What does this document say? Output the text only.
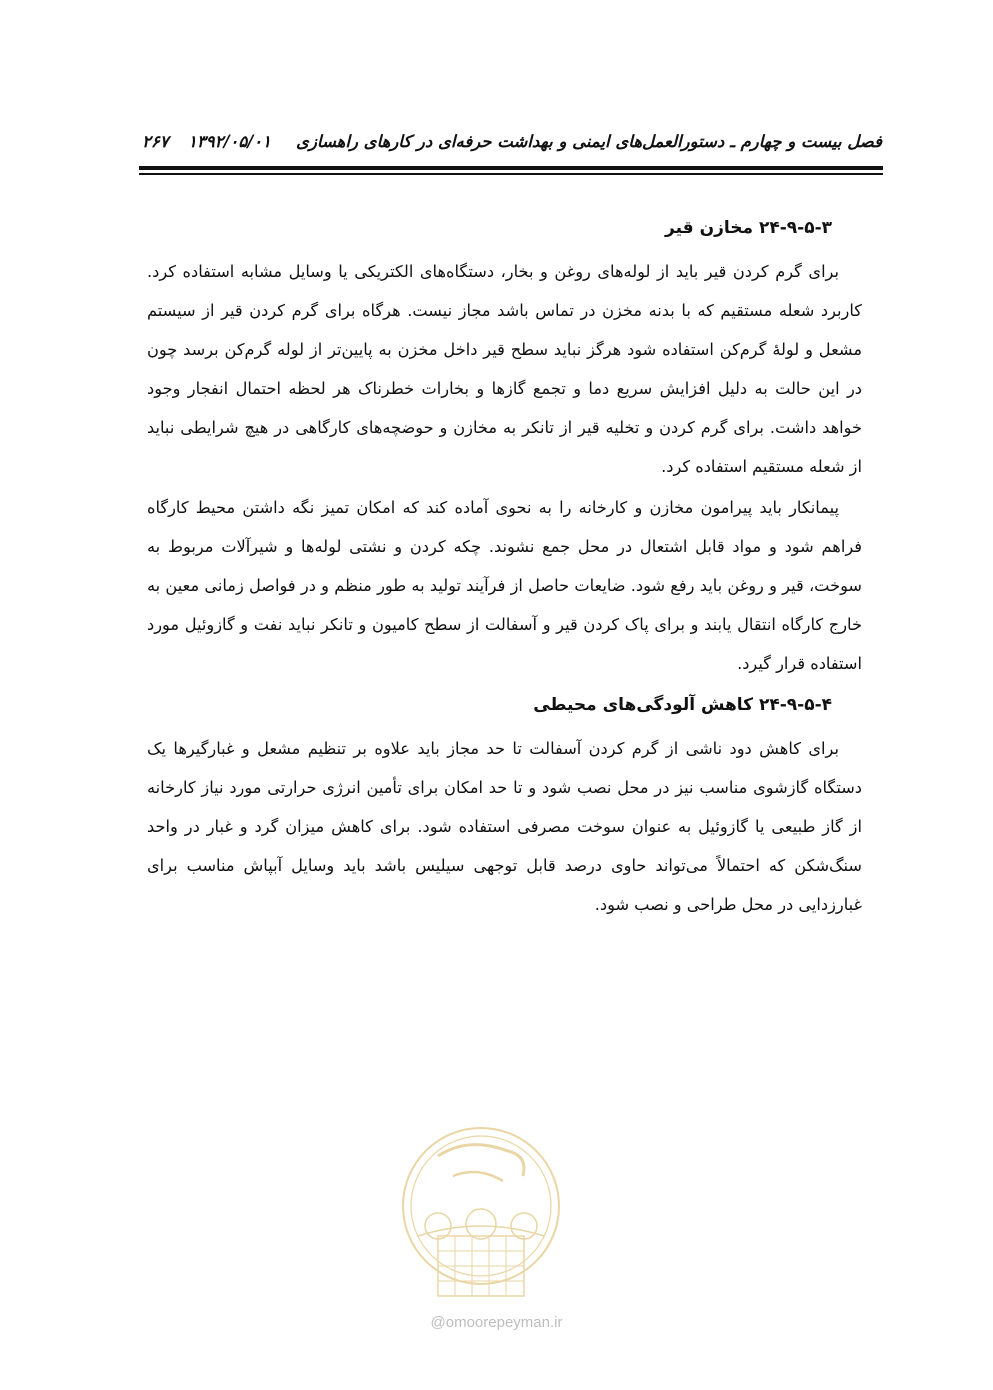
فصل بیست و چهارم ـ دستورالعمل‌های ایمنی و بهداشت حرفه‌ای در کارهای راهسازی
۱۳۹۲/۰۵/۰۱
۲۶۷
۲۴-۹-۵-۳ مخازن قیر

برای گرم کردن قیر باید از لوله‌های روغن و بخار، دستگاه‌های الکتریکی یا وسایل مشابه استفاده کرد. کاربرد شعله مستقیم که با بدنه مخزن در تماس باشد مجاز نیست. هرگاه برای گرم کردن قیر از سیستم مشعل و لولهٔ گرم‌کن استفاده شود هرگز نباید سطح قیر داخل مخزن به پایین‌تر از لوله گرم‌کن برسد چون در این حالت به دلیل افزایش سریع دما و تجمع گازها و بخارات خطرناک هر لحظه احتمال انفجار وجود خواهد داشت. برای گرم کردن و تخلیه قیر از تانکر به مخازن و حوضچه‌های کارگاهی در هیچ شرایطی نباید از شعله مستقیم استفاده کرد.

پیمانکار باید پیرامون مخازن و کارخانه را به نحوی آماده کند که امکان تمیز نگه داشتن محیط کارگاه فراهم شود و مواد قابل اشتعال در محل جمع نشوند. چکه کردن و نشتی لوله‌ها و شیرآلات مربوط به سوخت، قیر و روغن باید رفع شود. ضایعات حاصل از فرآیند تولید به طور منظم و در فواصل زمانی معین به خارج کارگاه انتقال یابند و برای پاک کردن قیر و آسفالت از سطح کامیون و تانکر نباید نفت و گازوئیل مورد استفاده قرار گیرد.

۲۴-۹-۵-۴ کاهش آلودگی‌های محیطی

برای کاهش دود ناشی از گرم کردن آسفالت تا حد مجاز باید علاوه بر تنظیم مشعل و غبارگیرها یک دستگاه گازشوی مناسب نیز در محل نصب شود و تا حد امکان برای تأمین انرژی حرارتی مورد نیاز کارخانه از گاز طبیعی یا گازوئیل به عنوان سوخت مصرفی استفاده شود. برای کاهش میزان گرد و غبار در واحد سنگ‌شکن که احتمالاً می‌تواند حاوی درصد قابل توجهی سیلیس باشد باید وسایل آبپاش مناسب برای غبارزدایی در محل طراحی و نصب شود.

@omoorepeyman.ir
